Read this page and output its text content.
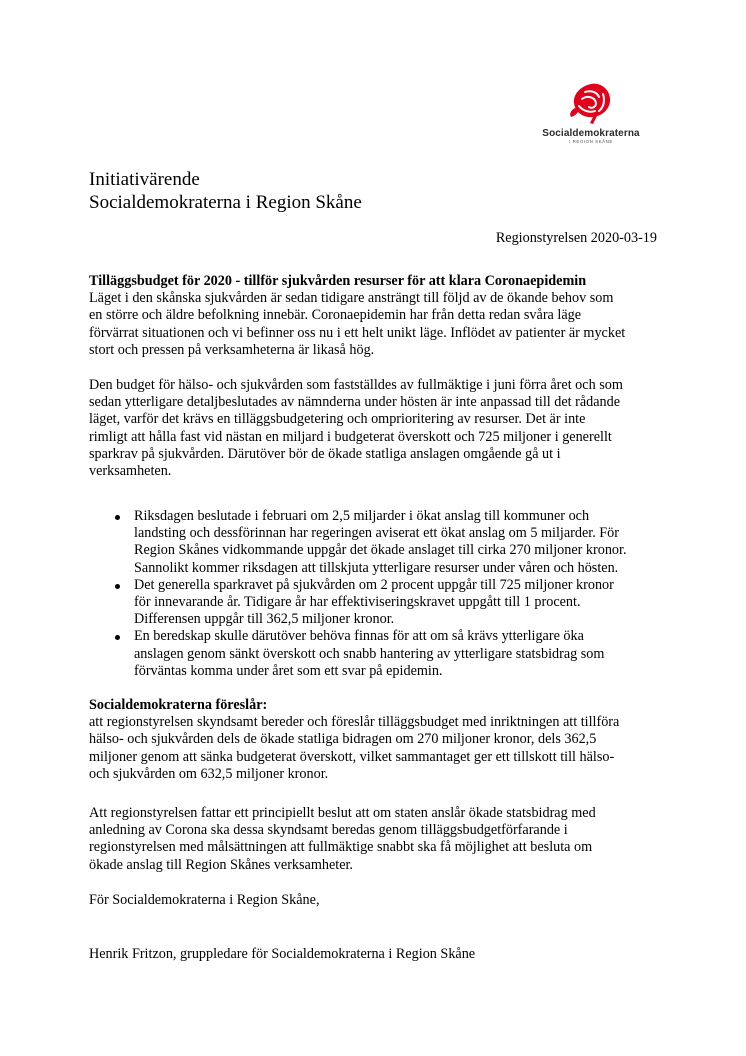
Socialdemokraterna
I REGION SKÅNE
Initiativärende
Socialdemokraterna i Region Skåne
Regionstyrelsen 2020-03-19

Tilläggsbudget för 2020 - tillför sjukvården resurser för att klara Coronaepidemin

Läget i den skånska sjukvården är sedan tidigare ansträngt till följd av de ökande behov som

en större och äldre befolkning innebär. Coronaepidemin har från detta redan svåra läge

förvärrat situationen och vi befinner oss nu i ett helt unikt läge. Inflödet av patienter är mycket

stort och pressen på verksamheterna är likaså hög.

Den budget för hälso- och sjukvården som fastställdes av fullmäktige i juni förra året och som

sedan ytterligare detaljbeslutades av nämnderna under hösten är inte anpassad till det rådande

läget, varför det krävs en tilläggsbudgetering och omprioritering av resurser. Det är inte

rimligt att hålla fast vid nästan en miljard i budgeterat överskott och 725 miljoner i generellt

sparkrav på sjukvården. Därutöver bör de ökade statliga anslagen omgående gå ut i

verksamheten.

Riksdagen beslutade i februari om 2,5 miljarder i ökat anslag till kommuner och
landsting och dessförinnan har regeringen aviserat ett ökat anslag om 5 miljarder. För
Region Skånes vidkommande uppgår det ökade anslaget till cirka 270 miljoner kronor.
Sannolikt kommer riksdagen att tillskjuta ytterligare resurser under våren och hösten.
Det generella sparkravet på sjukvården om 2 procent uppgår till 725 miljoner kronor
för innevarande år. Tidigare år har effektiviseringskravet uppgått till 1 procent.
Differensen uppgår till 362,5 miljoner kronor.
En beredskap skulle därutöver behöva finnas för att om så krävs ytterligare öka
anslagen genom sänkt överskott och snabb hantering av ytterligare statsbidrag som
förväntas komma under året som ett svar på epidemin.

Socialdemokraterna föreslår:

att regionstyrelsen skyndsamt bereder och föreslår tilläggsbudget med inriktningen att tillföra

hälso- och sjukvården dels de ökade statliga bidragen om 270 miljoner kronor, dels 362,5

miljoner genom att sänka budgeterat överskott, vilket sammantaget ger ett tillskott till hälso-

och sjukvården om 632,5 miljoner kronor.

Att regionstyrelsen fattar ett principiellt beslut att om staten anslår ökade statsbidrag med

anledning av Corona ska dessa skyndsamt beredas genom tilläggsbudgetförfarande i

regionstyrelsen med målsättningen att fullmäktige snabbt ska få möjlighet att besluta om

ökade anslag till Region Skånes verksamheter.

För Socialdemokraterna i Region Skåne,
Henrik Fritzon, gruppledare för Socialdemokraterna i Region Skåne
